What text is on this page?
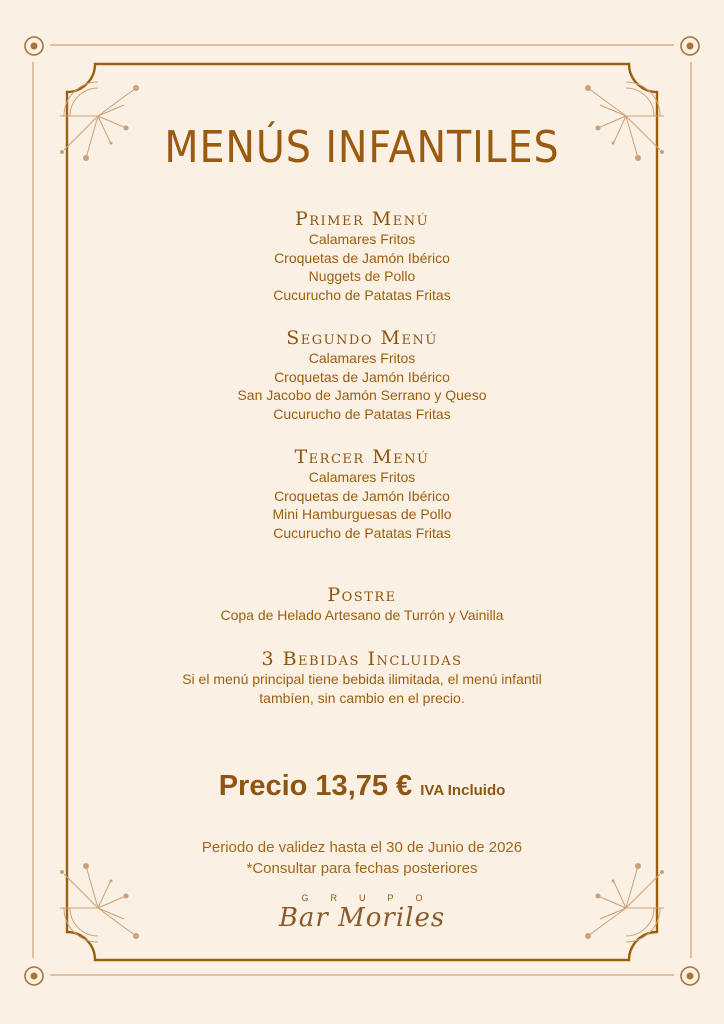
MENÚS INFANTILES
Primer Menú
Calamares Fritos
Croquetas de Jamón Ibérico
Nuggets de Pollo
Cucurucho de Patatas Fritas
Segundo Menú
Calamares Fritos
Croquetas de Jamón Ibérico
San Jacobo de Jamón Serrano y Queso
Cucurucho de Patatas Fritas
Tercer Menú
Calamares Fritos
Croquetas de Jamón Ibérico
Mini Hamburguesas de Pollo
Cucurucho de Patatas Fritas
Postre
Copa de Helado Artesano de Turrón y Vainilla
3 Bebidas Incluidas
Si el menú principal tiene bebida ilimitada, el menú infantil
tambíen, sin cambio en el precio.
Precio 13,75 € IVA Incluido
Periodo de validez hasta el 30 de Junio de 2026
*Consultar para fechas posteriores
GRUPO
Bar Moriles
